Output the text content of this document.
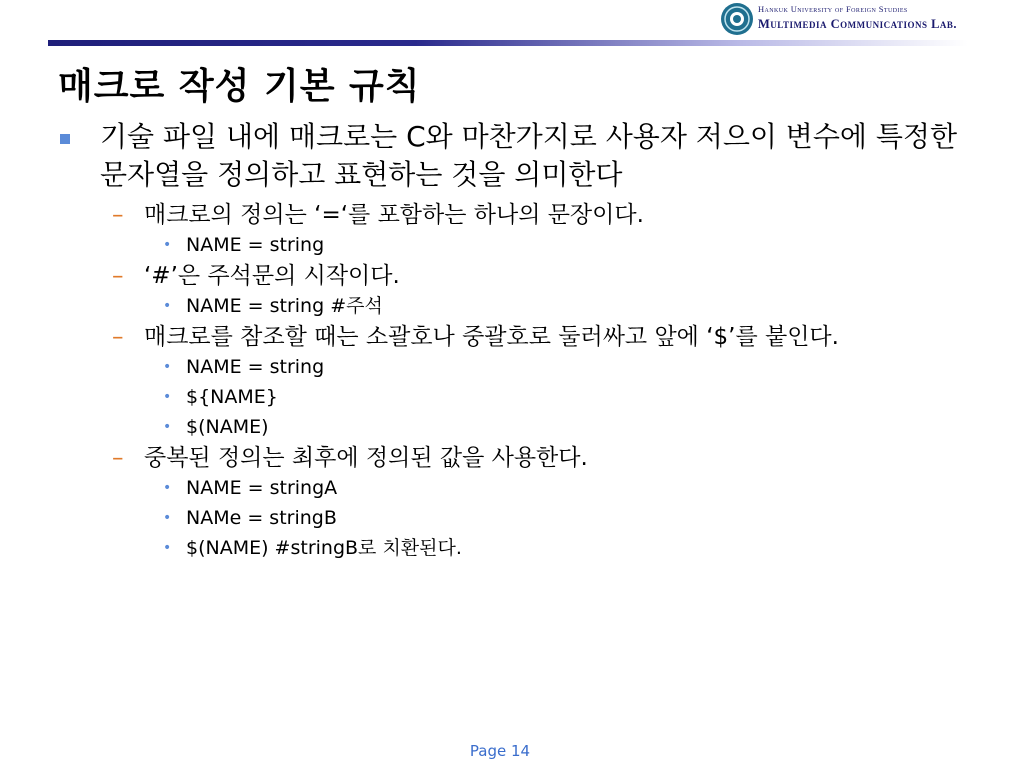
Hankuk University of Foreign Studies
Multimedia Communications Lab.
매크로 작성 기본 규칙
기술 파일 내에 매크로는 C와 마찬가지로 사용자 저으이 변수에 특정한 문자열을 정의하고 표현하는 것을 의미한다
– 매크로의 정의는 ‘=‘를 포함하는 하나의 문장이다.
• NAME = string
– ‘#’은 주석문의 시작이다.
• NAME = string #주석
– 매크로를 참조할 때는 소괄호나 중괄호로 둘러싸고 앞에 ‘$’를 붙인다.
• NAME = string
• ${NAME}
• $(NAME)
– 중복된 정의는 최후에 정의된 값을 사용한다.
• NAME = stringA
• NAMe = stringB
• $(NAME) #stringB로 치환된다.
Page 14
